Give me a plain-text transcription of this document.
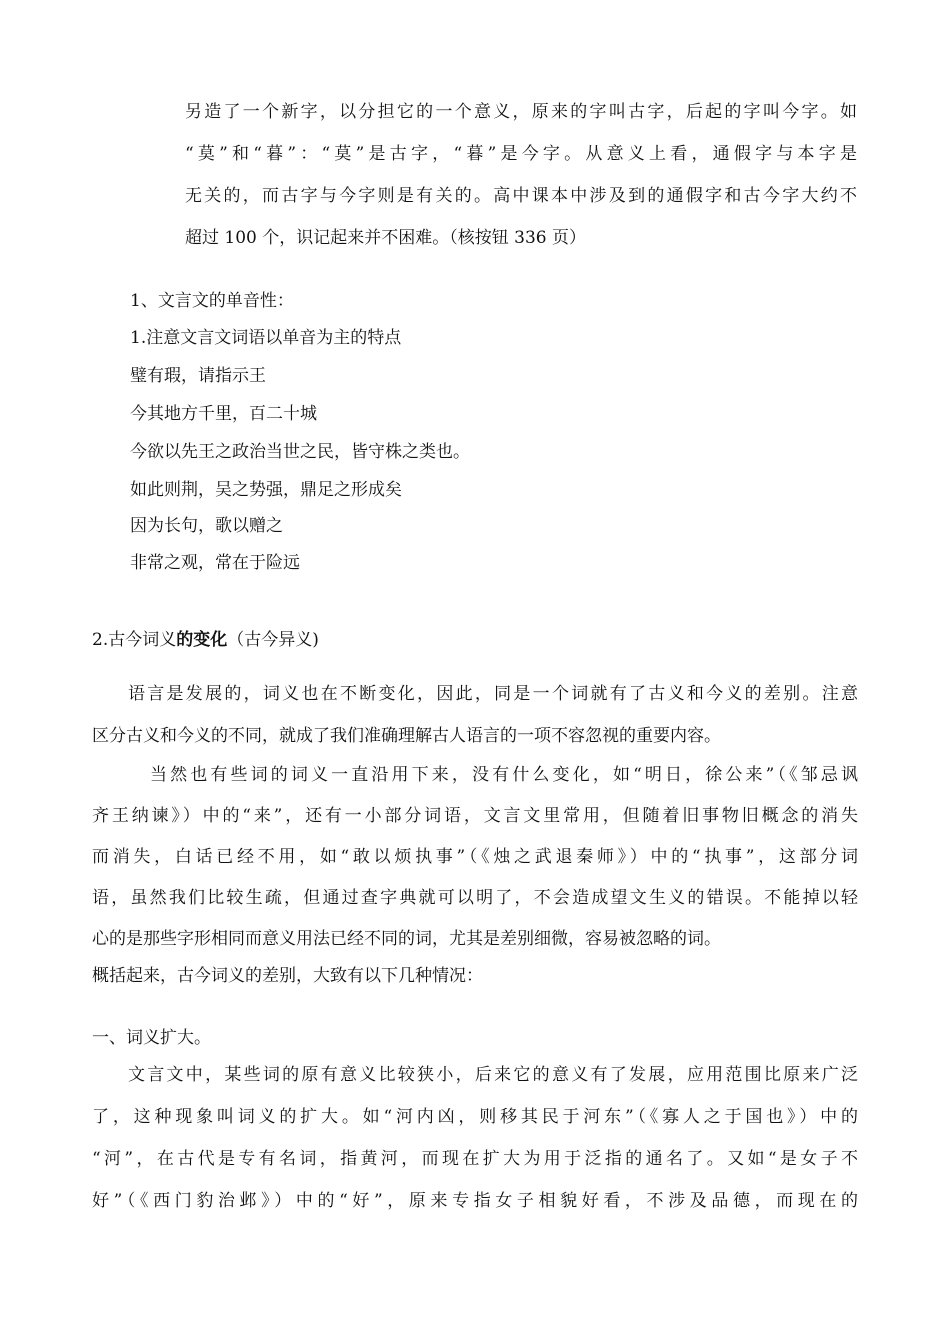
另造了一个新字，以分担它的一个意义，原来的字叫古字，后起的字叫今字。如
“莫”和“暮”：“莫”是古字，“暮”是今字。从意义上看，通假字与本字是
无关的，而古字与今字则是有关的。高中课本中涉及到的通假字和古今字大约不
超过 100 个，识记起来并不困难。（核按钮 336 页）
1、文言文的单音性：
1.注意文言文词语以单音为主的特点
璧有瑕，请指示王
今其地方千里，百二十城
今欲以先王之政治当世之民，皆守株之类也。
如此则荆，吴之势强，鼎足之形成矣
因为长句，歌以赠之
非常之观，常在于险远
2.古今词义的变化（古今异义)
语言是发展的，词义也在不断变化，因此，同是一个词就有了古义和今义的差别。注意
区分古义和今义的不同，就成了我们准确理解古人语言的一项不容忽视的重要内容。
当然也有些词的词义一直沿用下来，没有什么变化，如“明日，徐公来”（《邹忌讽
齐王纳谏》）中的“来”，还有一小部分词语，文言文里常用，但随着旧事物旧概念的消失
而消失，白话已经不用，如“敢以烦执事”（《烛之武退秦师》）中的“执事”，这部分词
语，虽然我们比较生疏，但通过查字典就可以明了，不会造成望文生义的错误。不能掉以轻
心的是那些字形相同而意义用法已经不同的词，尤其是差别细微，容易被忽略的词。
概括起来，古今词义的差别，大致有以下几种情况：
一、词义扩大。
文言文中，某些词的原有意义比较狭小，后来它的意义有了发展，应用范围比原来广泛
了，这种现象叫词义的扩大。如“河内凶，则移其民于河东”（《寡人之于国也》）中的
“河”，在古代是专有名词，指黄河，而现在扩大为用于泛指的通名了。又如“是女子不
好”（《西门豹治邺》）中的“好”，原来专指女子相貌好看，不涉及品德，而现在的
